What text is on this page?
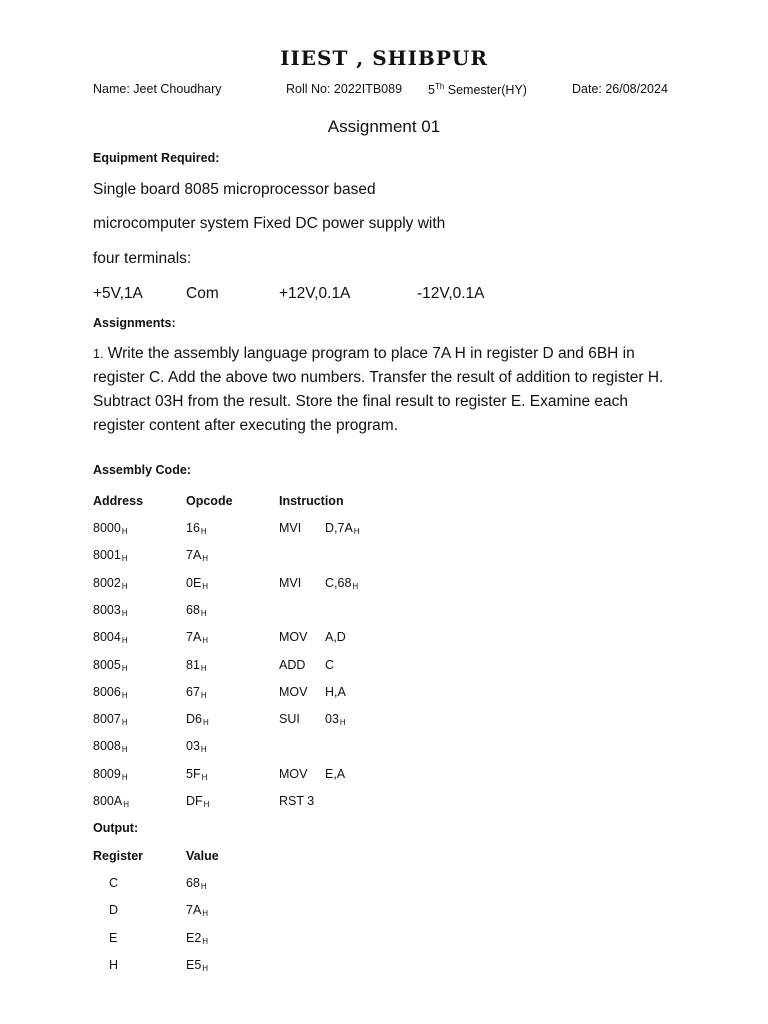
IIEST , SHIBPUR
Name: Jeet Choudhary	Roll No: 2022ITB089 5Th Semester(HY)	Date: 26/08/2024
Assignment 01
Equipment Required:
Single board 8085 microprocessor based
microcomputer system Fixed DC power supply with
four terminals:
+5V,1A	Com	+12V,0.1A	-12V,0.1A
Assignments:
1. Write the assembly language program to place 7A H in register D and 6BH in register C. Add the above two numbers. Transfer the result of addition to register H. Subtract 03H from the result. Store the final result to register E. Examine each register content after executing the program.
Assembly Code:
Address	Opcode	Instruction
$8000_H$	$16_H$	MVI $D,7A_H$
$8001_H$	$7A_H$
$8002_H$	$0E_H$	MVI $C,68_H$
$8003_H$	$68_H$
$8004_H$	$7A_H$	MOV A,D
$8005_H$	$81_H$	ADD C
$8006_H$	$67_H$	MOV H,A
$8007_H$	$D6_H$	SUI $03_H$
$8008_H$	$03_H$
$8009_H$	$5F_H$	MOV E,A
$800A_H$	$DF_H$	RST 3
Output:
Register	Value
C	$68_H$
D	$7A_H$
E	$E2_H$
H	$E5_H$
